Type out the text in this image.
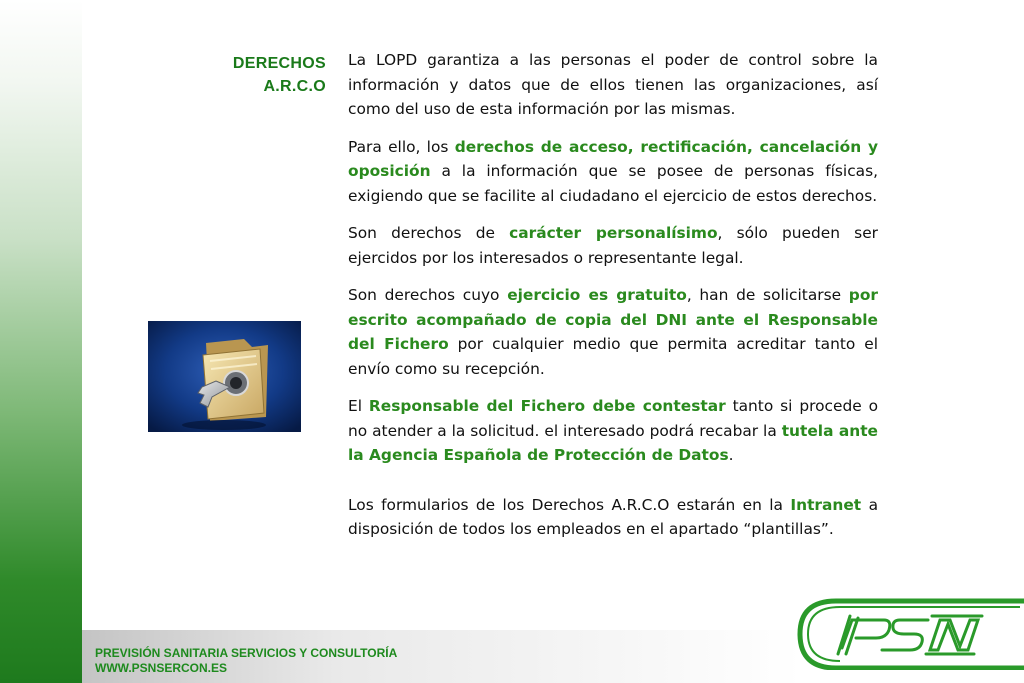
DERECHOS
A.R.C.O

La LOPD garantiza a las personas el poder de control sobre la información y datos que de ellos tienen las organizaciones, así como del uso de esta información por las mismas.

Para ello, los derechos de acceso, rectificación, cancelación y oposición a la información que se posee de personas físicas, exigiendo que se facilite al ciudadano el ejercicio de estos derechos.

Son derechos de carácter personalísimo, sólo pueden ser ejercidos por los interesados o representante legal.

Son derechos cuyo ejercicio es gratuito, han de solicitarse por escrito acompañado de copia del DNI ante el Responsable del Fichero por cualquier medio que permita acreditar tanto el envío como su recepción.

El Responsable del Fichero debe contestar tanto si procede o no atender a la solicitud. el interesado podrá recabar la tutela ante la Agencia Española de Protección de Datos.

Los formularios de los Derechos A.R.C.O estarán en la Intranet a disposición de todos los empleados en el apartado “plantillas”.

PREVISIÓN SANITARIA SERVICIOS Y CONSULTORÍA
WWW.PSNSERCON.ES
